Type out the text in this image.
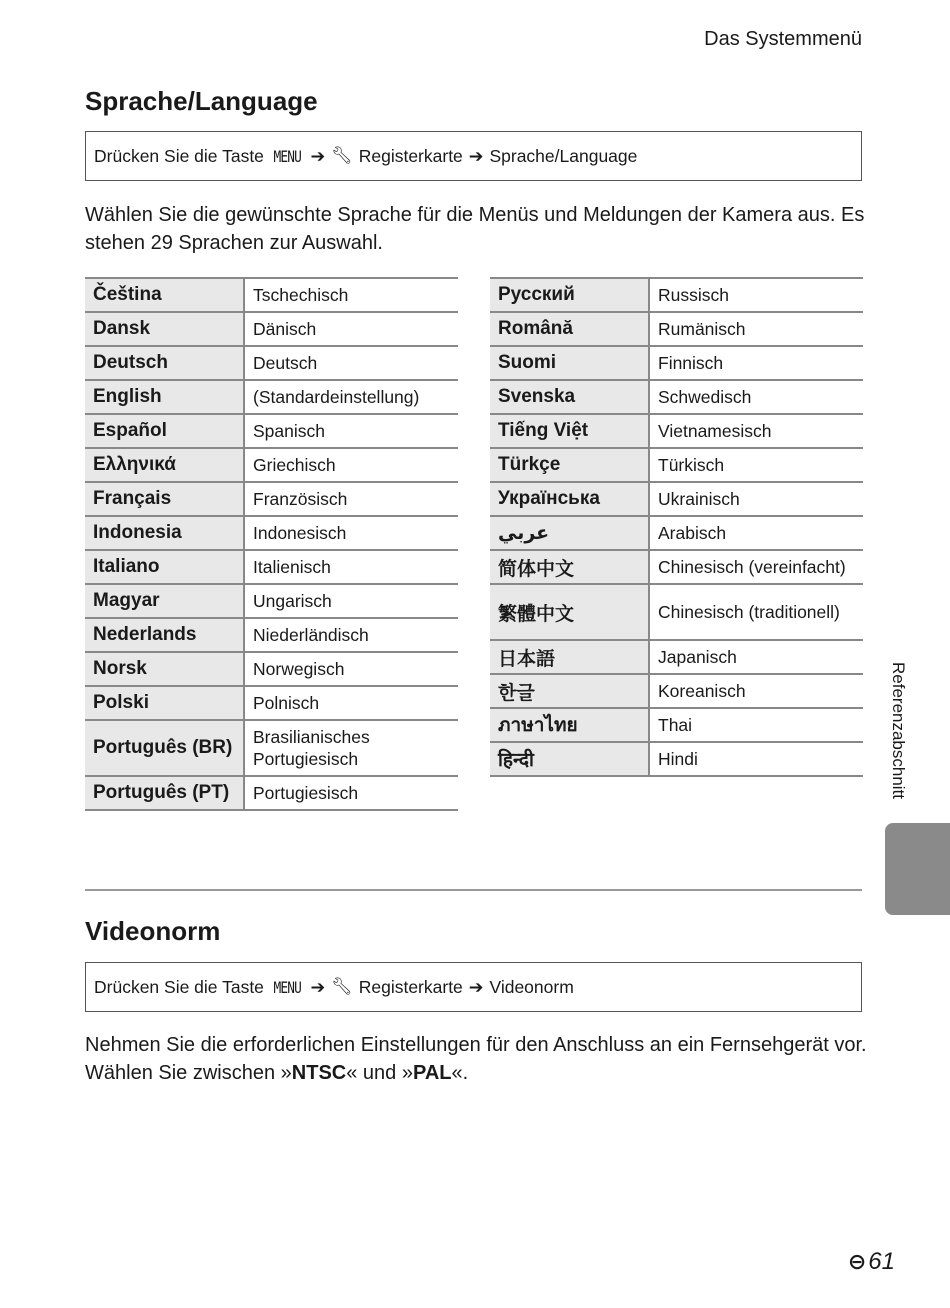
Das Systemmenü
Sprache/Language
Drücken Sie die Taste MENU ➔ 🔧︎ Registerkarte ➔ Sprache/Language
Wählen Sie die gewünschte Sprache für die Menüs und Meldungen der Kamera aus. Es stehen 29 Sprachen zur Auswahl.
Čeština	Tschechisch
Dansk	Dänisch
Deutsch	Deutsch
English	(Standardeinstellung)
Español	Spanisch
Ελληνικά	Griechisch
Français	Französisch
Indonesia	Indonesisch
Italiano	Italienisch
Magyar	Ungarisch
Nederlands	Niederländisch
Norsk	Norwegisch
Polski	Polnisch
Português (BR)	Brasilianisches Portugiesisch
Português (PT)	Portugiesisch
Русский	Russisch
Română	Rumänisch
Suomi	Finnisch
Svenska	Schwedisch
Tiếng Việt	Vietnamesisch
Türkçe	Türkisch
Українська	Ukrainisch
عربي	Arabisch
简体中文	Chinesisch (vereinfacht)
繁體中文	Chinesisch (traditionell)
日本語	Japanisch
한글	Koreanisch
ภาษาไทย	Thai
हिन्दी	Hindi
Videonorm
Drücken Sie die Taste MENU ➔ 🔧︎ Registerkarte ➔ Videonorm
Nehmen Sie die erforderlichen Einstellungen für den Anschluss an ein Fernsehgerät vor.
Wählen Sie zwischen »NTSC« und »PAL«.
Referenzabschnitt
⊖ 61
